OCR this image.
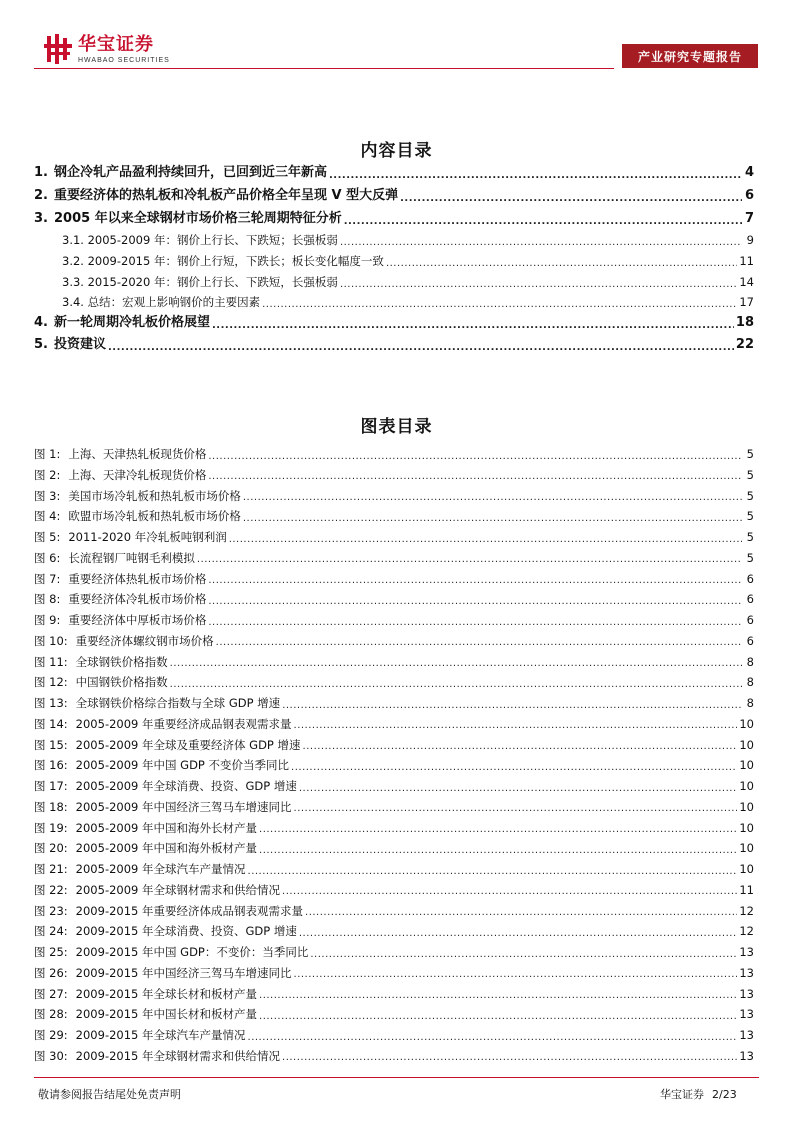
华宝证券
HWABAO SECURITIES	产业研究专题报告
内容目录
1. 钢企冷轧产品盈利持续回升，已回到近三年新高 .....	4
2. 重要经济体的热轧板和冷轧板产品价格全年呈现 V 型大反弹 .....	6
3. 2005 年以来全球钢材市场价格三轮周期特征分析 .....	7
3.1. 2005-2009 年：钢价上行长、下跌短；长强板弱 .....	9
3.2. 2009-2015 年：钢价上行短，下跌长；板长变化幅度一致 .....	11
3.3. 2015-2020 年：钢价上行长、下跌短，长强板弱 .....	14
3.4. 总结：宏观上影响钢价的主要因素 .....	17
4. 新一轮周期冷轧板价格展望 .....	18
5. 投资建议 .....	22
图表目录
图 1: 上海、天津热轧板现货价格 .....	5
图 2: 上海、天津冷轧板现货价格 .....	5
图 3: 美国市场冷轧板和热轧板市场价格 .....	5
图 4: 欧盟市场冷轧板和热轧板市场价格 .....	5
图 5: 2011-2020 年冷轧板吨钢利润 .....	5
图 6: 长流程钢厂吨钢毛利模拟 .....	5
图 7: 重要经济体热轧板市场价格 .....	6
图 8: 重要经济体冷轧板市场价格 .....	6
图 9: 重要经济体中厚板市场价格 .....	6
图 10: 重要经济体螺纹钢市场价格 .....	6
图 11: 全球钢铁价格指数 .....	8
图 12: 中国钢铁价格指数 .....	8
图 13: 全球钢铁价格综合指数与全球 GDP 增速 .....	8
图 14: 2005-2009 年重要经济成品钢表观需求量 .....	10
图 15: 2005-2009 年全球及重要经济体 GDP 增速 .....	10
图 16: 2005-2009 年中国 GDP 不变价当季同比 .....	10
图 17: 2005-2009 年全球消费、投资、GDP 增速 .....	10
图 18: 2005-2009 年中国经济三驾马车增速同比 .....	10
图 19: 2005-2009 年中国和海外长材产量 .....	10
图 20: 2005-2009 年中国和海外板材产量 .....	10
图 21: 2005-2009 年全球汽车产量情况 .....	10
图 22: 2005-2009 年全球钢材需求和供给情况 .....	11
图 23: 2009-2015 年重要经济体成品钢表观需求量 .....	12
图 24: 2009-2015 年全球消费、投资、GDP 增速 .....	12
图 25: 2009-2015 年中国 GDP：不变价：当季同比 .....	13
图 26: 2009-2015 年中国经济三驾马车增速同比 .....	13
图 27: 2009-2015 年全球长材和板材产量 .....	13
图 28: 2009-2015 年中国长材和板材产量 .....	13
图 29: 2009-2015 年全球汽车产量情况 .....	13
图 30: 2009-2015 年全球钢材需求和供给情况 .....	13
敬请参阅报告结尾处免责声明	华宝证券 2/23
